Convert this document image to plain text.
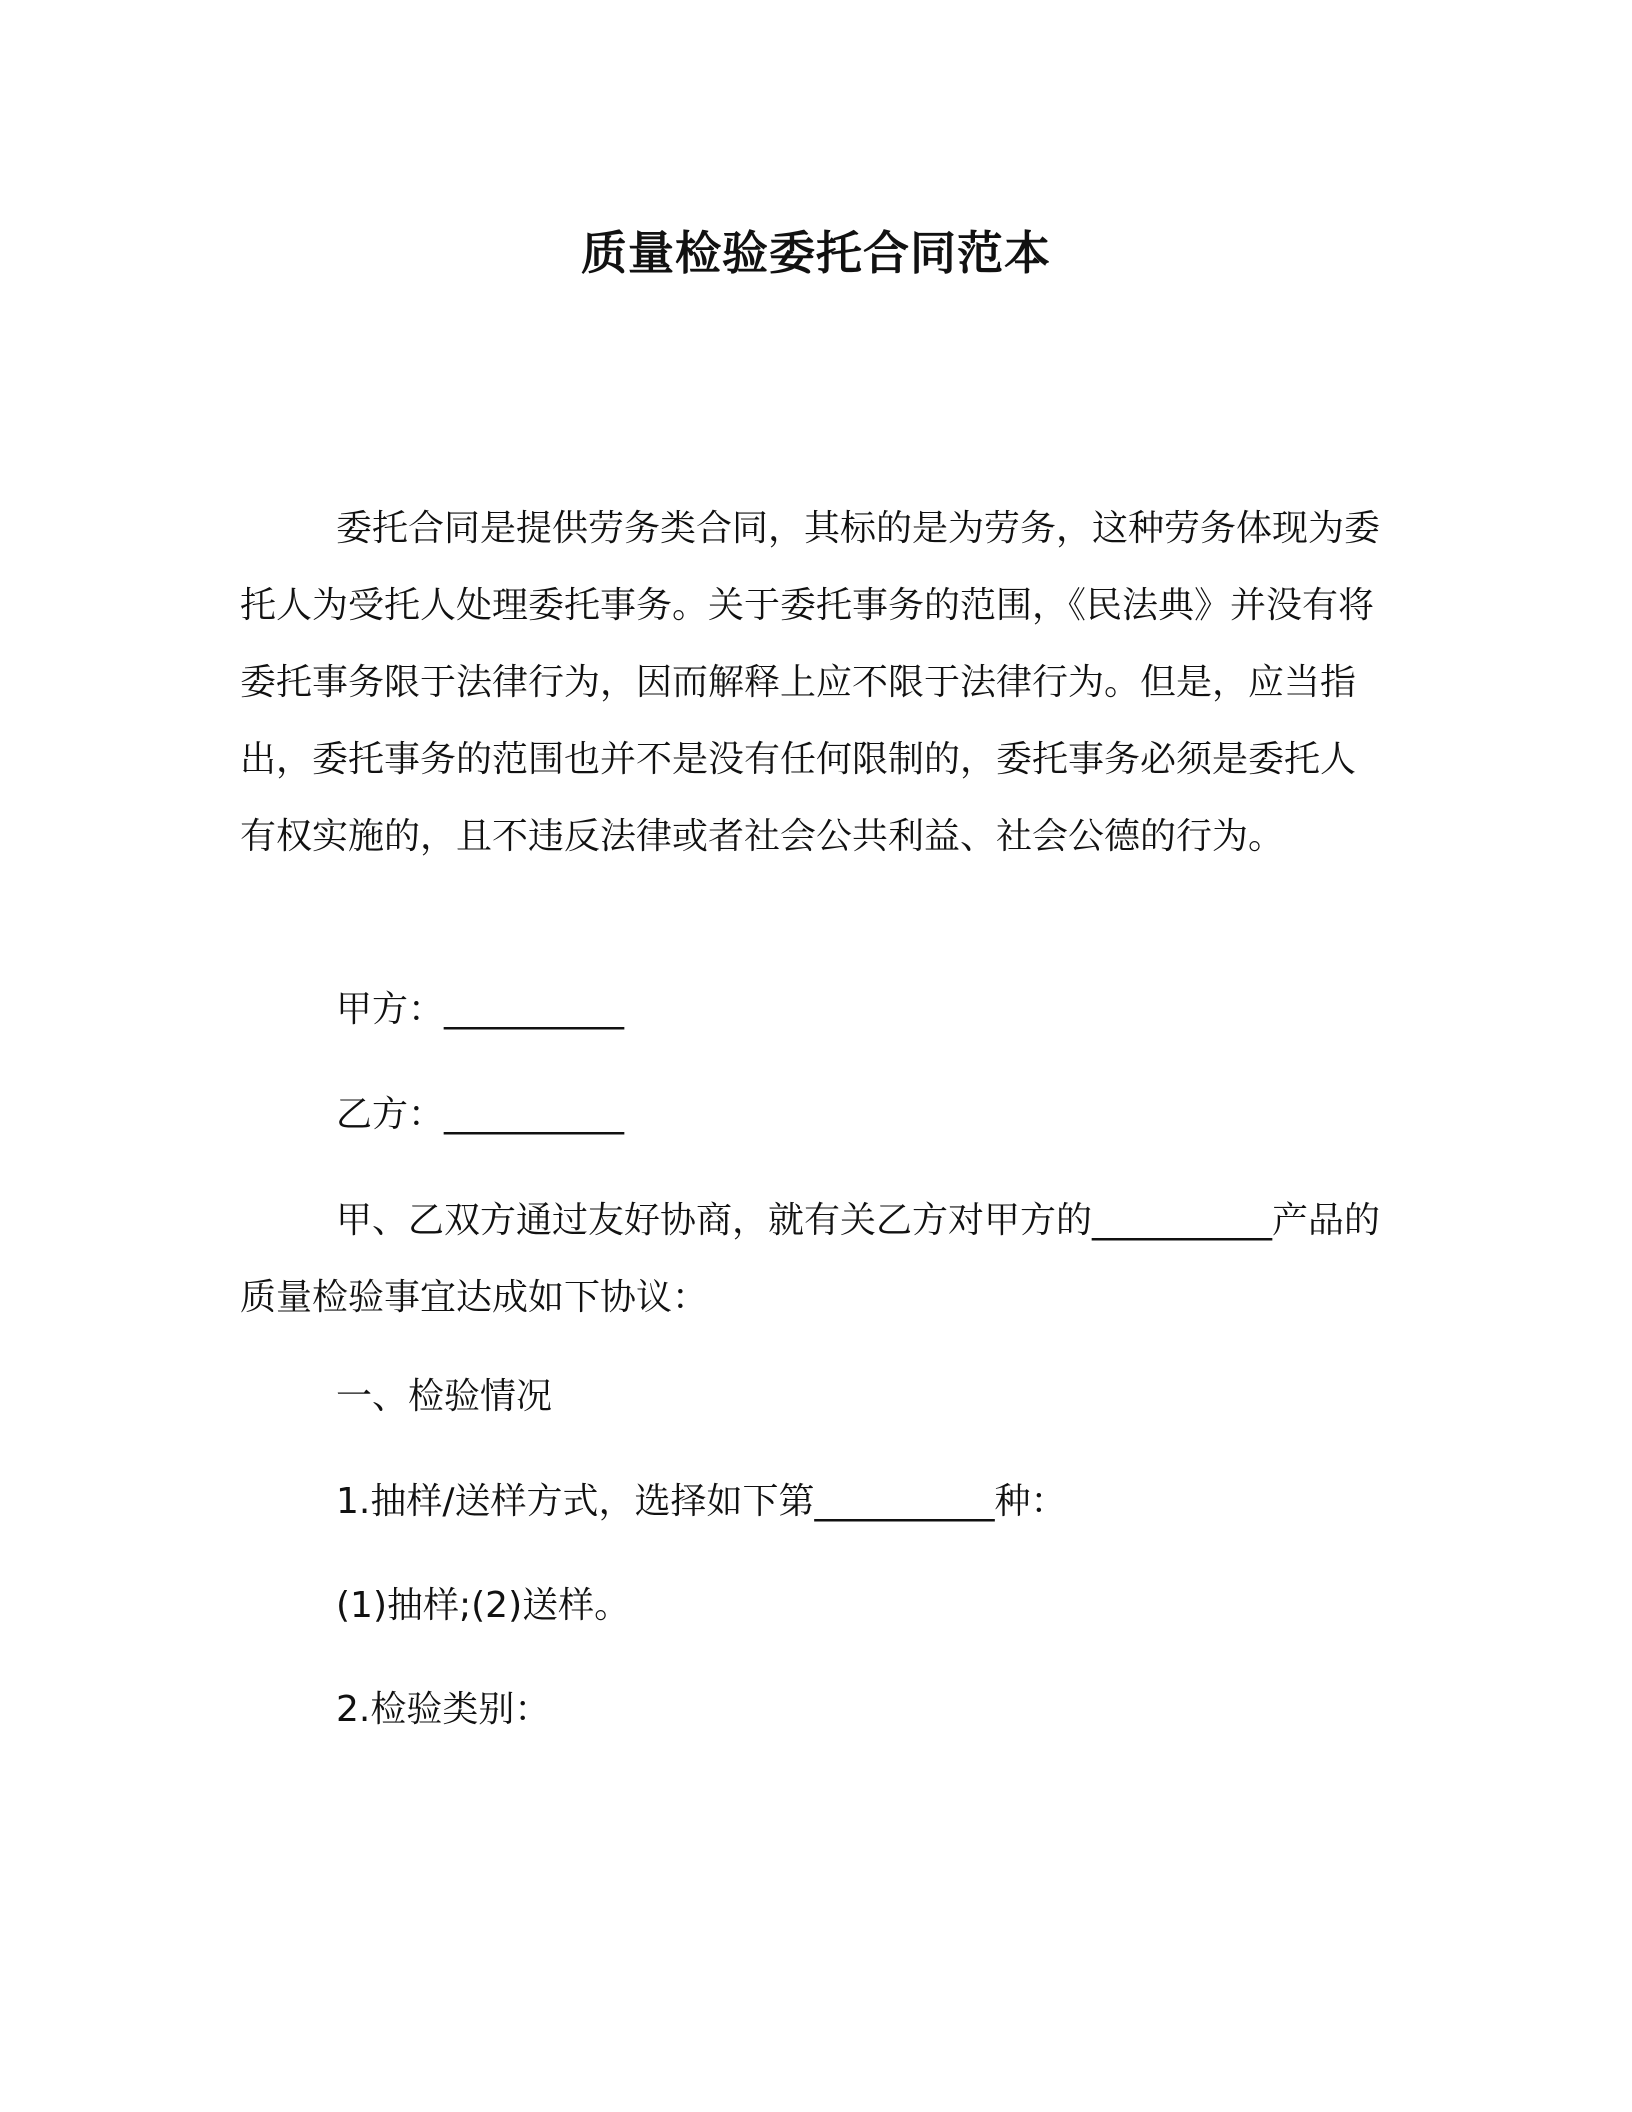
质量检验委托合同范本

委托合同是提供劳务类合同，其标的是为劳务，这种劳务体现为委托人为受托人处理委托事务。关于委托事务的范围，《民法典》并没有将委托事务限于法律行为，因而解释上应不限于法律行为。但是，应当指出，委托事务的范围也并不是没有任何限制的，委托事务必须是委托人有权实施的，且不违反法律或者社会公共利益、社会公德的行为。

甲方：__________

乙方：__________

甲、乙双方通过友好协商，就有关乙方对甲方的__________产品的质量检验事宜达成如下协议：

一、检验情况

1.抽样/送样方式，选择如下第__________种：

(1)抽样;(2)送样。

2.检验类别：
